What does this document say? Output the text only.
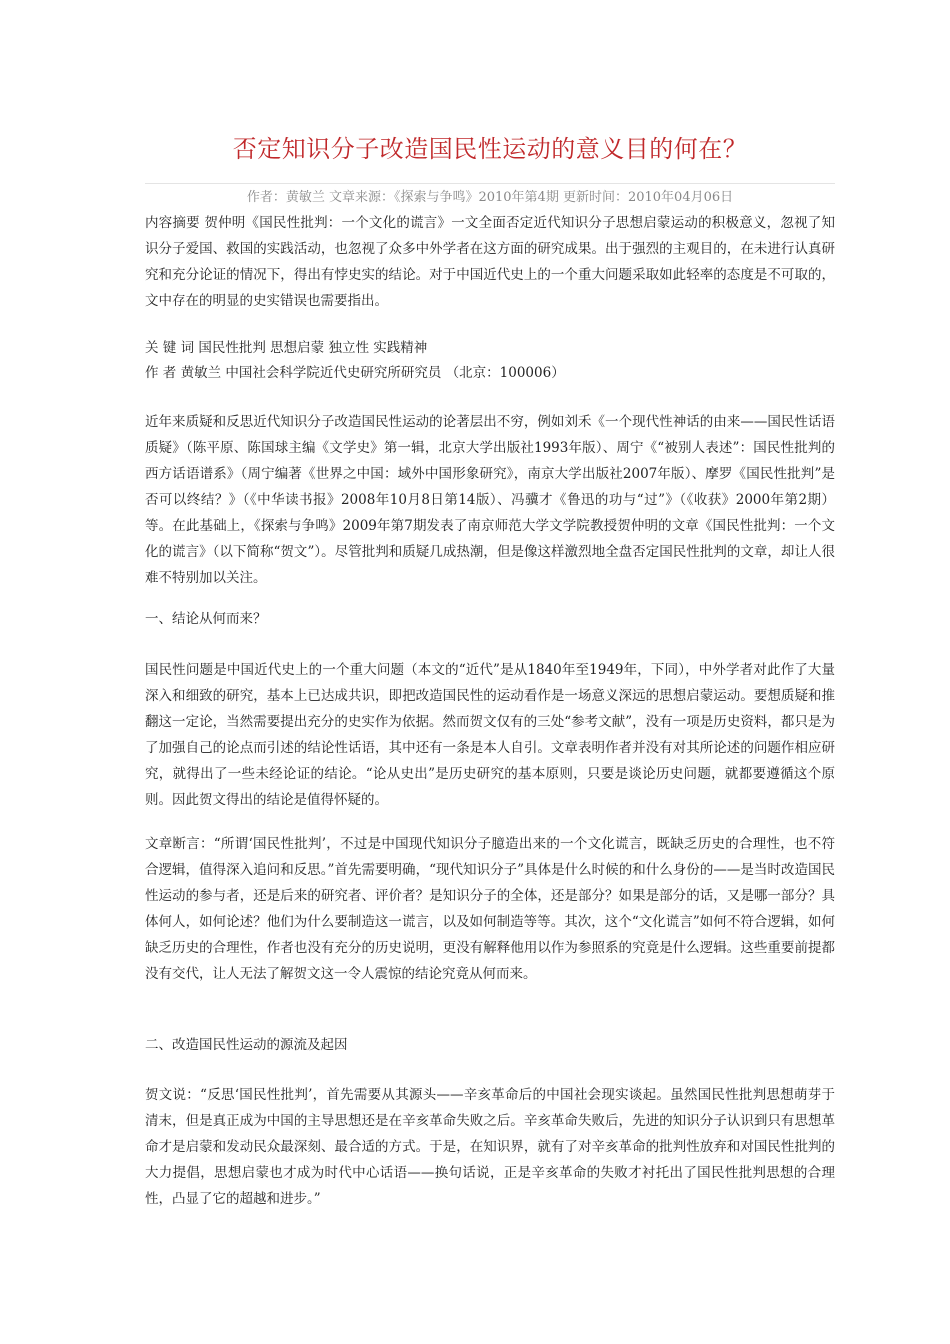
否定知识分子改造国民性运动的意义目的何在？
作者：黄敏兰 文章来源：《探索与争鸣》2010年第4期 更新时间：2010年04月06日

内容摘要 贺仲明《国民性批判：一个文化的谎言》一文全面否定近代知识分子思想启蒙运动的积极意义，忽视了知识分子爱国、救国的实践活动，也忽视了众多中外学者在这方面的研究成果。出于强烈的主观目的，在未进行认真研究和充分论证的情况下，得出有悖史实的结论。对于中国近代史上的一个重大问题采取如此轻率的态度是不可取的，文中存在的明显的史实错误也需要指出。

关 键 词 国民性批判 思想启蒙 独立性 实践精神

作 者 黄敏兰 中国社会科学院近代史研究所研究员 （北京：100006）

近年来质疑和反思近代知识分子改造国民性运动的论著层出不穷，例如刘禾《一个现代性神话的由来——国民性话语质疑》（陈平原、陈国球主编《文学史》第一辑，北京大学出版社1993年版）、周宁《“被别人表述”：国民性批判的西方话语谱系》（周宁编著《世界之中国：域外中国形象研究》，南京大学出版社2007年版）、摩罗《国民性批判”是否可以终结？》（《中华读书报》2008年10月8日第14版）、冯骥才《鲁迅的功与“过”》（《收获》2000年第2期）等。在此基础上，《探索与争鸣》2009年第7期发表了南京师范大学文学院教授贺仲明的文章《国民性批判：一个文化的谎言》（以下简称“贺文”）。尽管批判和质疑几成热潮，但是像这样激烈地全盘否定国民性批判的文章，却让人很难不特别加以关注。

一、结论从何而来？

国民性问题是中国近代史上的一个重大问题（本文的“近代”是从1840年至1949年，下同），中外学者对此作了大量深入和细致的研究，基本上已达成共识，即把改造国民性的运动看作是一场意义深远的思想启蒙运动。要想质疑和推翻这一定论，当然需要提出充分的史实作为依据。然而贺文仅有的三处“参考文献”，没有一项是历史资料，都只是为了加强自己的论点而引述的结论性话语，其中还有一条是本人自引。文章表明作者并没有对其所论述的问题作相应研究，就得出了一些未经论证的结论。“论从史出”是历史研究的基本原则，只要是谈论历史问题，就都要遵循这个原则。因此贺文得出的结论是值得怀疑的。

文章断言：“所谓‘国民性批判’，不过是中国现代知识分子臆造出来的一个文化谎言，既缺乏历史的合理性，也不符合逻辑，值得深入追问和反思。”首先需要明确，“现代知识分子”具体是什么时候的和什么身份的——是当时改造国民性运动的参与者，还是后来的研究者、评价者？是知识分子的全体，还是部分？如果是部分的话，又是哪一部分？具体何人，如何论述？他们为什么要制造这一谎言，以及如何制造等等。其次，这个“文化谎言”如何不符合逻辑，如何缺乏历史的合理性，作者也没有充分的历史说明，更没有解释他用以作为参照系的究竟是什么逻辑。这些重要前提都没有交代，让人无法了解贺文这一令人震惊的结论究竟从何而来。

二、改造国民性运动的源流及起因

贺文说：“反思‘国民性批判’，首先需要从其源头——辛亥革命后的中国社会现实谈起。虽然国民性批判思想萌芽于清末，但是真正成为中国的主导思想还是在辛亥革命失败之后。辛亥革命失败后，先进的知识分子认识到只有思想革命才是启蒙和发动民众最深刻、最合适的方式。于是，在知识界，就有了对辛亥革命的批判性放弃和对国民性批判的大力提倡，思想启蒙也才成为时代中心话语——换句话说，正是辛亥革命的失败才衬托出了国民性批判思想的合理性，凸显了它的超越和进步。”
